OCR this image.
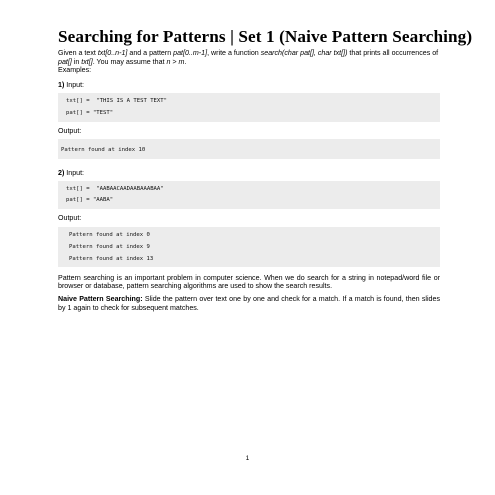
Searching for Patterns | Set 1 (Naive Pattern Searching)

Given a text txt[0..n-1] and a pattern pat[0..m-1], write a function search(char pat[], char txt[]) that prints all occurrences of pat[] in txt[]. You may assume that n > m.
Examples:

1) Input:

txt[] =  "THIS IS A TEST TEXT"
pat[] = "TEST"

Output:

Pattern found at index 10

2) Input:

txt[] =  "AABAACAADAABAAABAA"
pat[] = "AABA"

Output:

Pattern found at index 0
Pattern found at index 9
Pattern found at index 13

Pattern searching is an important problem in computer science. When we do search for a string in notepad/word file or browser or database, pattern searching algorithms are used to show the search results.

Naive Pattern Searching: Slide the pattern over text one by one and check for a match. If a match is found, then slides by 1 again to check for subsequent matches.

1
